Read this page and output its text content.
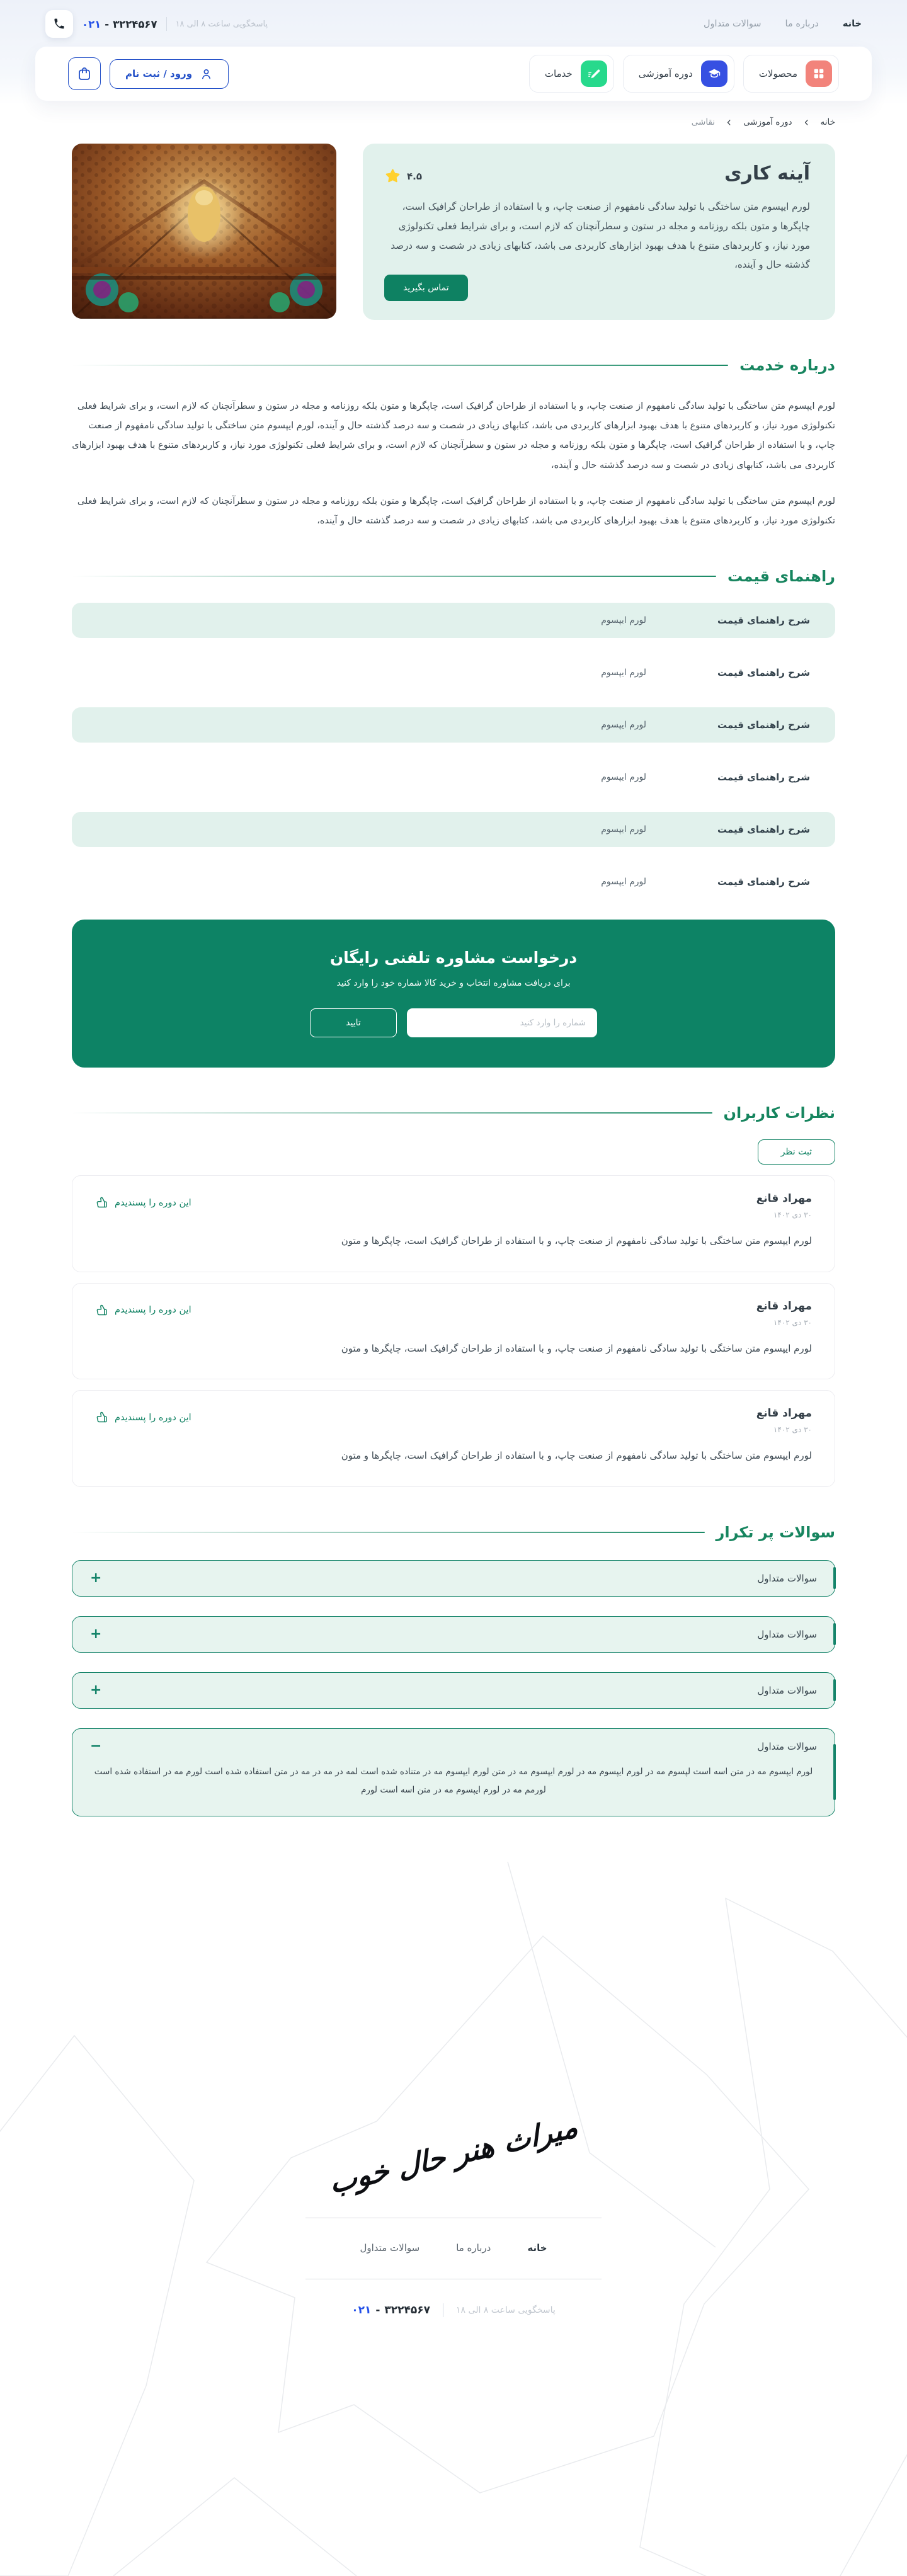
خانه
درباره ما
سوالات متداول
۰۲۱ - ۳۲۲۴۵۶۷ پاسخگویی ساعت ۸ الی ۱۸
محصولات
دوره آموزشی
خدمات
ورود / ثبت نام
خانه
دوره آموزشی
نقاشی
آینه کاری
۴.۵

لورم ایپسوم متن ساختگی با تولید سادگی نامفهوم از صنعت چاپ، و با استفاده از طراحان گرافیک است، چاپگرها و متون بلکه روزنامه و مجله در ستون و سطرآنچنان که لازم است، و برای شرایط فعلی تکنولوژی مورد نیاز، و کاربردهای متنوع با هدف بهبود ابزارهای کاربردی می باشد، کتابهای زیادی در شصت و سه درصد گذشته حال و آینده،

تماس بگیرید
درباره خدمت

لورم ایپسوم متن ساختگی با تولید سادگی نامفهوم از صنعت چاپ، و با استفاده از طراحان گرافیک است، چاپگرها و متون بلکه روزنامه و مجله در ستون و سطرآنچنان که لازم است، و برای شرایط فعلی تکنولوژی مورد نیاز، و کاربردهای متنوع با هدف بهبود ابزارهای کاربردی می باشد، کتابهای زیادی در شصت و سه درصد گذشته حال و آینده، لورم ایپسوم متن ساختگی با تولید سادگی نامفهوم از صنعت چاپ، و با استفاده از طراحان گرافیک است، چاپگرها و متون بلکه روزنامه و مجله در ستون و سطرآنچنان که لازم است، و برای شرایط فعلی تکنولوژی مورد نیاز، و کاربردهای متنوع با هدف بهبود ابزارهای کاربردی می باشد، کتابهای زیادی در شصت و سه درصد گذشته حال و آینده،

لورم ایپسوم متن ساختگی با تولید سادگی نامفهوم از صنعت چاپ، و با استفاده از طراحان گرافیک است، چاپگرها و متون بلکه روزنامه و مجله در ستون و سطرآنچنان که لازم است، و برای شرایط فعلی تکنولوژی مورد نیاز، و کاربردهای متنوع با هدف بهبود ابزارهای کاربردی می باشد، کتابهای زیادی در شصت و سه درصد گذشته حال و آینده،

راهنمای قیمت
شرح راهنمای قیمت
لورم ایپسوم
شرح راهنمای قیمت
لورم ایپسوم
شرح راهنمای قیمت
لورم ایپسوم
شرح راهنمای قیمت
لورم ایپسوم
شرح راهنمای قیمت
لورم ایپسوم
شرح راهنمای قیمت
لورم ایپسوم
درخواست مشاوره تلفنی رایگان

برای دریافت مشاوره انتخاب و خرید کالا شماره خود را وارد کنید

شماره را وارد کنید
تایید
نظرات کاربران
ثبت نظر
مهراد قانع
۳۰ دی ۱۴۰۲
این دوره را پسندیدم

لورم ایپسوم متن ساختگی با تولید سادگی نامفهوم از صنعت چاپ، و با استفاده از طراحان گرافیک است، چاپگرها و متون

مهراد قانع
۳۰ دی ۱۴۰۲
این دوره را پسندیدم

لورم ایپسوم متن ساختگی با تولید سادگی نامفهوم از صنعت چاپ، و با استفاده از طراحان گرافیک است، چاپگرها و متون

مهراد قانع
۳۰ دی ۱۴۰۲
این دوره را پسندیدم

لورم ایپسوم متن ساختگی با تولید سادگی نامفهوم از صنعت چاپ، و با استفاده از طراحان گرافیک است، چاپگرها و متون

سوالات پر تکرار
سوالات متداول
+
سوالات متداول
+
سوالات متداول
+
سوالات متداول
−

لورم ایپسوم مه در متن اسه است لپسوم مه در لورم ایپسوم مه در لورم ایپسوم مه در متن لورم ایپسوم مه در متناده شده است لمه در مه در مه در متن استفاده شده است لورم مه در استفاده شده است لورمم مه در لورم ایپسوم مه در متن اسه است لورم

میراث هنر حال خوب
خانه
درباره ما
سوالات متداول
۰۲۱ - ۳۲۲۴۵۶۷	پاسخگویی ساعت ۸ الی ۱۸
